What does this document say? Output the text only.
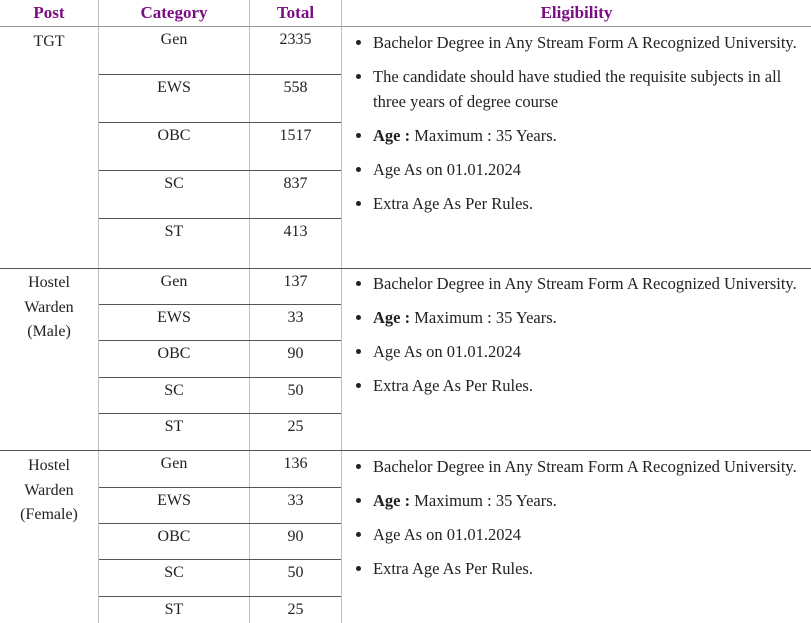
Post	Category	Total	Eligibility
TGT	Gen	2335
EWS	558
OBC	1517
SC	837
ST	413
• Bachelor Degree in Any Stream Form A Recognized University.
• The candidate should have studied the requisite subjects in all three years of degree course
• Age : Maximum : 35 Years.
• Age As on 01.01.2024
• Extra Age As Per Rules.
Hostel
Warden
(Male)
Gen	137
EWS	33
OBC	90
SC	50
ST	25
• Bachelor Degree in Any Stream Form A Recognized University.
• Age : Maximum : 35 Years.
• Age As on 01.01.2024
• Extra Age As Per Rules.
Hostel
Warden
(Female)
Gen	136
EWS	33
OBC	90
SC	50
ST	25
• Bachelor Degree in Any Stream Form A Recognized University.
• Age : Maximum : 35 Years.
• Age As on 01.01.2024
• Extra Age As Per Rules.
